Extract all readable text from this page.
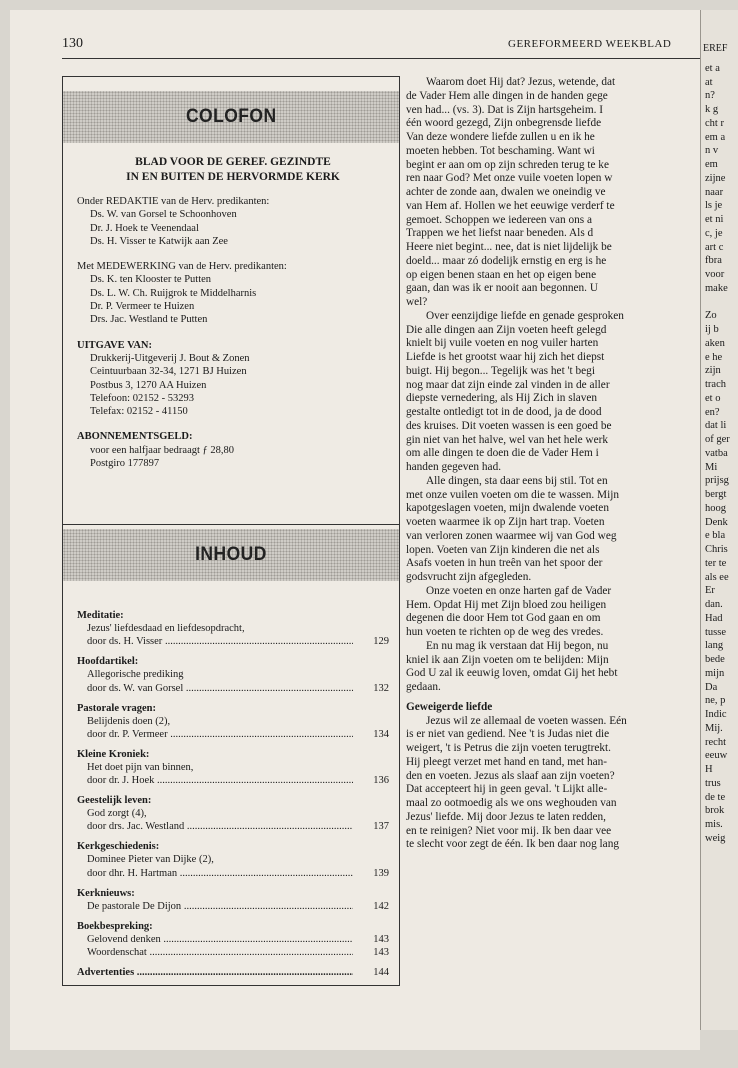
130	GEREFORMEERD WEEKBLAD
COLOFON
BLAD VOOR DE GEREF. GEZINDTE
IN EN BUITEN DE HERVORMDE KERK
Onder REDAKTIE van de Herv. predikanten:
Ds. W. van Gorsel te Schoonhoven
Dr. J. Hoek te Veenendaal
Ds. H. Visser te Katwijk aan Zee
Met MEDEWERKING van de Herv. predikanten:
Ds. K. ten Klooster te Putten
Ds. L. W. Ch. Ruijgrok te Middelharnis
Dr. P. Vermeer te Huizen
Drs. Jac. Westland te Putten
UITGAVE VAN:
Drukkerij-Uitgeverij J. Bout & Zonen
Ceintuurbaan 32-34, 1271 BJ Huizen
Postbus 3, 1270 AA Huizen
Telefoon: 02152 - 53293
Telefax: 02152 - 41150
ABONNEMENTSGELD:
voor een halfjaar bedraagt ƒ 28,80
Postgiro 177897
INHOUD
Meditatie:
Jezus' liefdesdaad en liefdesopdracht,
door ds. H. Visser .....	129
Hoofdartikel:
Allegorische prediking
door ds. W. van Gorsel .....	132
Pastorale vragen:
Belijdenis doen (2),
door dr. P. Vermeer .....	134
Kleine Kroniek:
Het doet pijn van binnen,
door dr. J. Hoek .....	136
Geestelijk leven:
God zorgt (4),
door drs. Jac. Westland .....	137
Kerkgeschiedenis:
Dominee Pieter van Dijke (2),
door dhr. H. Hartman .....	139
Kerknieuws:
De pastorale De Dijon .....	142
Boekbespreking:
Gelovend denken .....	143
Woordenschat .....	143
Advertenties .....	144
Waarom doet Hij dat? Jezus, wetende, dat
de Vader Hem alle dingen in de handen gege
ven had... (vs. 3). Dat is Zijn hartsgeheim. I
één woord gezegd, Zijn onbegrensde liefde
Van deze wondere liefde zullen u en ik he
moeten hebben. Tot beschaming. Want wi
begint er aan om op zijn schreden terug te ke
ren naar God? Met onze vuile voeten lopen w
achter de zonde aan, dwalen we oneindig ve
van Hem af. Hollen we het eeuwige verderf te
gemoet. Schoppen we iedereen van ons a
Trappen we het liefst naar beneden. Als d
Heere niet begint... nee, dat is niet lijdelijk be
doeld... maar zó dodelijk ernstig en erg is he
op eigen benen staan en het op eigen bene
gaan, dan was ik er nooit aan begonnen. U
wel?
Over eenzijdige liefde en genade gesproken
Die alle dingen aan Zijn voeten heeft gelegd
knielt bij vuile voeten en nog vuiler harten
Liefde is het grootst waar hij zich het diepst
buigt. Hij begon... Tegelijk was het 't begi
nog maar dat zijn einde zal vinden in de aller
diepste vernedering, als Hij Zich in slaven
gestalte ontledigt tot in de dood, ja de dood
des kruises. Dit voeten wassen is een goed be
gin niet van het halve, wel van het hele werk
om alle dingen te doen die de Vader Hem i
handen gegeven had.
Alle dingen, sta daar eens bij stil. Tot en
met onze vuilen voeten om die te wassen. Mijn
kapotgeslagen voeten, mijn dwalende voeten
voeten waarmee ik op Zijn hart trap. Voeten
van verloren zonen waarmee wij van God weg
lopen. Voeten van Zijn kinderen die net als
Asafs voeten in hun treên van het spoor der
godsvrucht zijn afgegleden.
Onze voeten en onze harten gaf de Vader
Hem. Opdat Hij met Zijn bloed zou heiligen
degenen die door Hem tot God gaan en om
hun voeten te richten op de weg des vredes.
En nu mag ik verstaan dat Hij begon, nu
kniel ik aan Zijn voeten om te belijden: Mijn
God U zal ik eeuwig loven, omdat Gij het hebt
gedaan.
Geweigerde liefde
Jezus wil ze allemaal de voeten wassen. Eén
is er niet van gediend. Nee 't is Judas niet die
weigert, 't is Petrus die zijn voeten terugtrekt.
Hij pleegt verzet met hand en tand, met han-
den en voeten. Jezus als slaaf aan zijn voeten?
Dat accepteert hij in geen geval. 't Lijkt alle-
maal zo ootmoedig als we ons weghouden van
Jezus' liefde. Mij door Jezus te laten redden,
en te reinigen? Niet voor mij. Ik ben daar vee
te slecht voor zegt de één. Ik ben daar nog lang
EREF
et a
at
n?
k g
cht r
em a
n v
em
zijne
naar
ls je
et ni
c, je
art c
fbra
voor
make

Zo
ij b
aken
e he
zijn
trach
et o
en?
dat li
of ger
vatba
Mi
prijsg
bergt
hoog
Denk
e bla
Chris
ter te
als ee
Er
dan.
Had
tusse
lang
bede
mijn
Da
ne, p
Indic
Mij.
recht
eeuw
H
trus
de te
brok
mis.
weig
